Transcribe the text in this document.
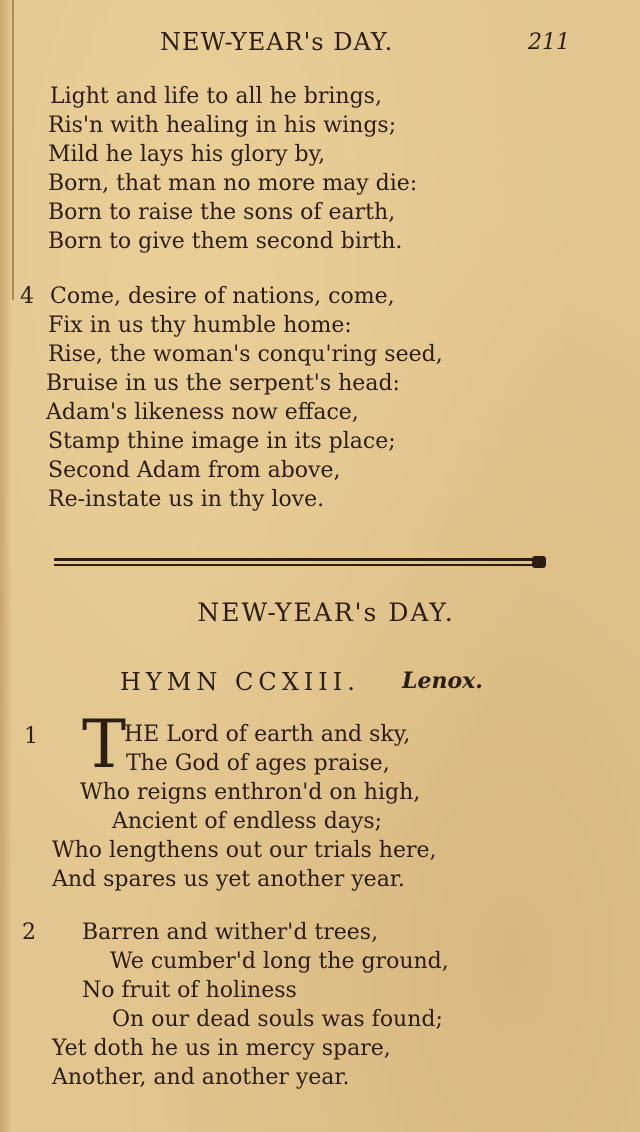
NEW-YEAR's DAY.	211
Light and life to all he brings,
Ris'n with healing in his wings;
Mild he lays his glory by,
Born, that man no more may die:
Born to raise the sons of earth,
Born to give them second birth.
4 Come, desire of nations, come,
Fix in us thy humble home:
Rise, the woman's conqu'ring seed,
Bruise in us the serpent's head:
Adam's likeness now efface,
Stamp thine image in its place;
Second Adam from above,
Re-instate us in thy love.
NEW-YEAR's DAY.
HYMN CCXIII. Lenox.
1 T
HE Lord of earth and sky,
The God of ages praise,
Who reigns enthron'd on high,
Ancient of endless days;
Who lengthens out our trials here,
And spares us yet another year.
2	Barren and wither'd trees,
We cumber'd long the ground,
No fruit of holiness
On our dead souls was found;
Yet doth he us in mercy spare,
Another, and another year.
